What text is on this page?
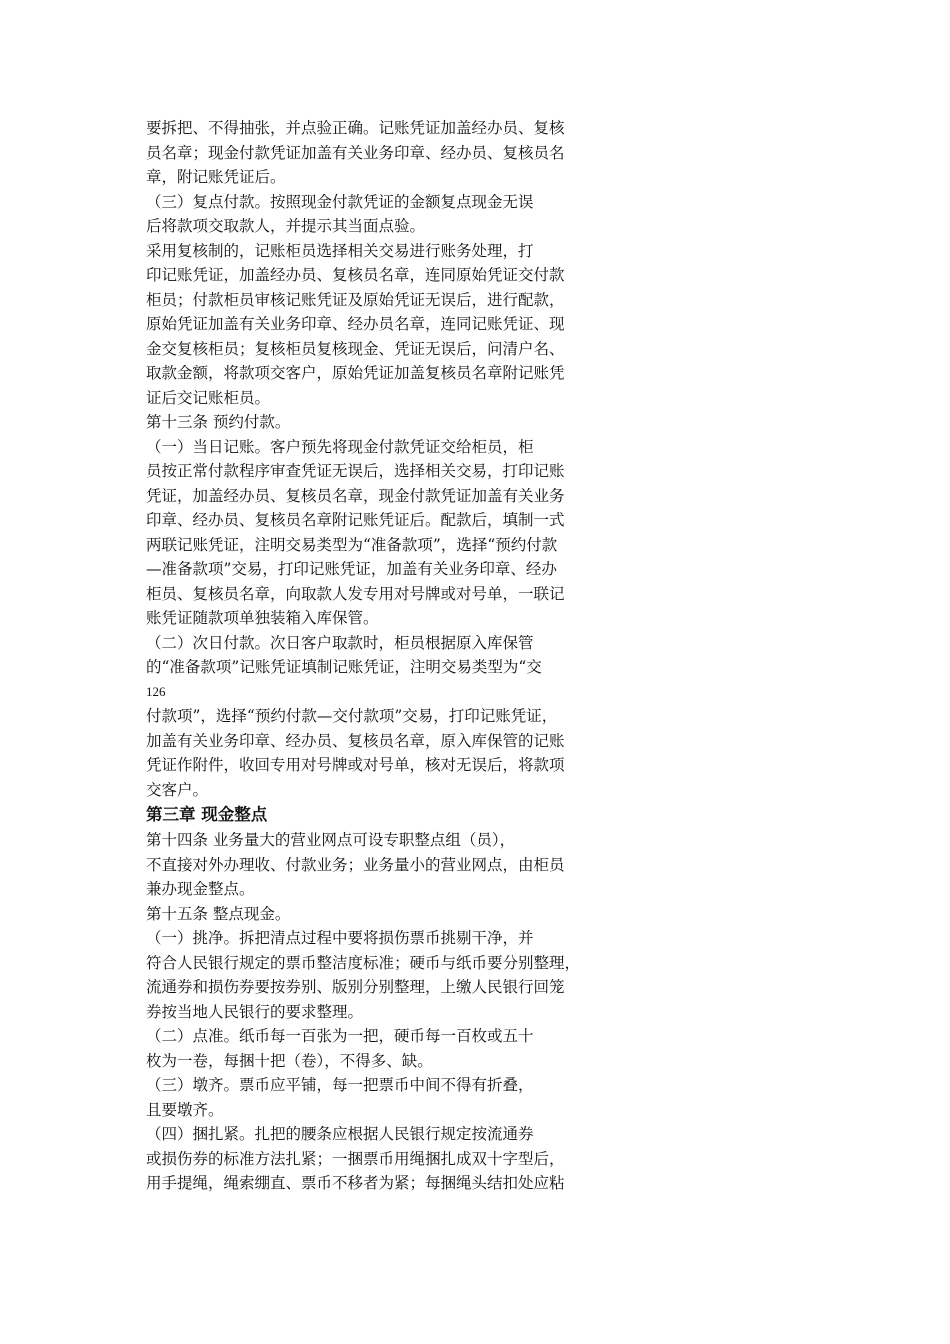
要拆把、不得抽张，并点验正确。记账凭证加盖经办员、复核
员名章；现金付款凭证加盖有关业务印章、经办员、复核员名
章，附记账凭证后。
（三）复点付款。按照现金付款凭证的金额复点现金无误
后将款项交取款人，并提示其当面点验。
采用复核制的，记账柜员选择相关交易进行账务处理，打
印记账凭证，加盖经办员、复核员名章，连同原始凭证交付款
柜员；付款柜员审核记账凭证及原始凭证无误后，进行配款，
原始凭证加盖有关业务印章、经办员名章，连同记账凭证、现
金交复核柜员；复核柜员复核现金、凭证无误后，问清户名、
取款金额，将款项交客户，原始凭证加盖复核员名章附记账凭
证后交记账柜员。
第十三条 预约付款。
（一）当日记账。客户预先将现金付款凭证交给柜员，柜
员按正常付款程序审查凭证无误后，选择相关交易，打印记账
凭证，加盖经办员、复核员名章，现金付款凭证加盖有关业务
印章、经办员、复核员名章附记账凭证后。配款后，填制一式
两联记账凭证，注明交易类型为“准备款项”，选择“预约付款
—准备款项”交易，打印记账凭证，加盖有关业务印章、经办
柜员、复核员名章，向取款人发专用对号牌或对号单，一联记
账凭证随款项单独装箱入库保管。
（二）次日付款。次日客户取款时，柜员根据原入库保管
的“准备款项”记账凭证填制记账凭证，注明交易类型为“交
126
付款项”，选择“预约付款—交付款项”交易，打印记账凭证，
加盖有关业务印章、经办员、复核员名章，原入库保管的记账
凭证作附件，收回专用对号牌或对号单，核对无误后，将款项
交客户。
第三章 现金整点
第十四条 业务量大的营业网点可设专职整点组（员），
不直接对外办理收、付款业务；业务量小的营业网点，由柜员
兼办现金整点。
第十五条 整点现金。
（一）挑净。拆把清点过程中要将损伤票币挑剔干净，并
符合人民银行规定的票币整洁度标准；硬币与纸币要分别整理，
流通券和损伤券要按券别、版别分别整理，上缴人民银行回笼
券按当地人民银行的要求整理。
（二）点准。纸币每一百张为一把，硬币每一百枚或五十
枚为一卷，每捆十把（卷），不得多、缺。
（三）墩齐。票币应平铺，每一把票币中间不得有折叠，
且要墩齐。
（四）捆扎紧。扎把的腰条应根据人民银行规定按流通券
或损伤券的标准方法扎紧；一捆票币用绳捆扎成双十字型后，
用手提绳，绳索绷直、票币不移者为紧；每捆绳头结扣处应粘
